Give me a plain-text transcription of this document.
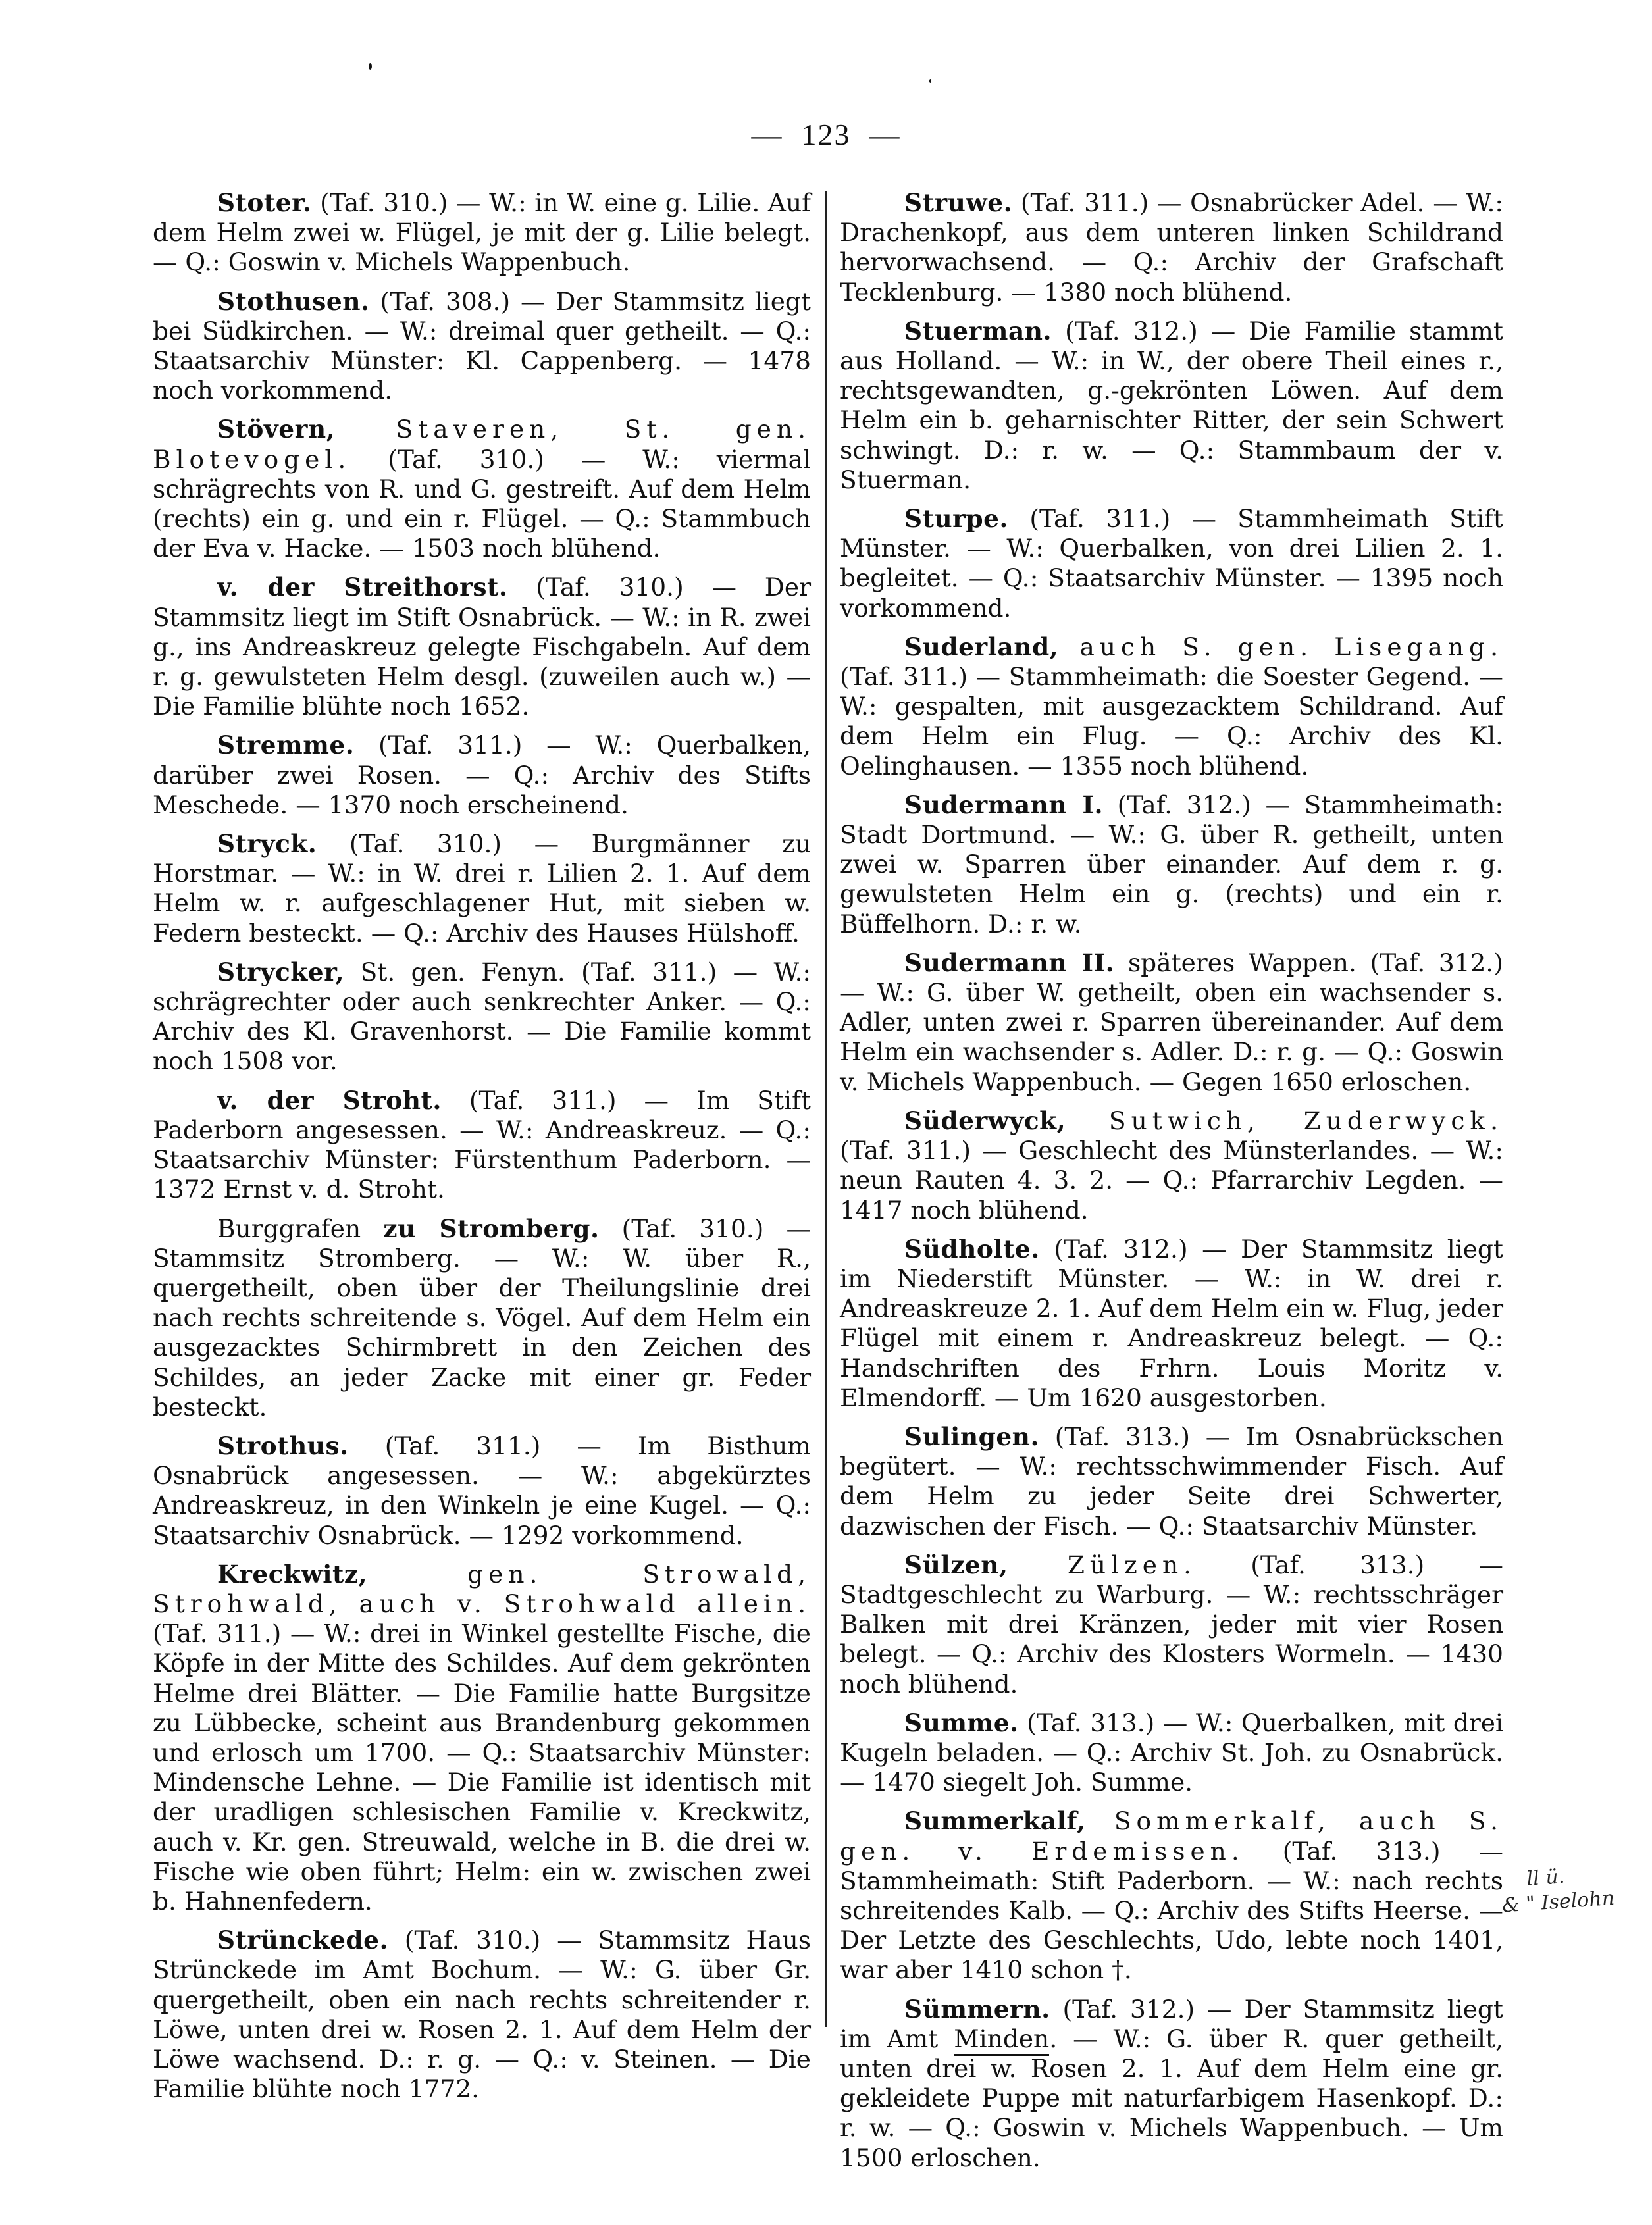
— 123 —

Stoter. (Taf. 310.) — W.: in W. eine g. Lilie. Auf dem Helm zwei w. Flügel, je mit der g. Lilie belegt. — Q.: Goswin v. Michels Wappenbuch.

Stothusen. (Taf. 308.) — Der Stammsitz liegt bei Südkirchen. — W.: dreimal quer getheilt. — Q.: Staatsarchiv Münster: Kl. Cappenberg. — 1478 noch vorkommend.

Stövern, Staveren, St. gen. Blotevogel. (Taf. 310.) — W.: viermal schrägrechts von R. und G. gestreift. Auf dem Helm (rechts) ein g. und ein r. Flügel. — Q.: Stammbuch der Eva v. Hacke. — 1503 noch blühend.

v. der Streithorst. (Taf. 310.) — Der Stammsitz liegt im Stift Osnabrück. — W.: in R. zwei g., ins Andreaskreuz gelegte Fischgabeln. Auf dem r. g. gewulsteten Helm desgl. (zuweilen auch w.) — Die Familie blühte noch 1652.

Stremme. (Taf. 311.) — W.: Querbalken, darüber zwei Rosen. — Q.: Archiv des Stifts Meschede. — 1370 noch erscheinend.

Stryck. (Taf. 310.) — Burgmänner zu Horstmar. — W.: in W. drei r. Lilien 2. 1. Auf dem Helm w. r. aufgeschlagener Hut, mit sieben w. Federn besteckt. — Q.: Archiv des Hauses Hülshoff.

Strycker, St. gen. Fenyn. (Taf. 311.) — W.: schrägrechter oder auch senkrechter Anker. — Q.: Archiv des Kl. Gravenhorst. — Die Familie kommt noch 1508 vor.

v. der Stroht. (Taf. 311.) — Im Stift Paderborn angesessen. — W.: Andreaskreuz. — Q.: Staatsarchiv Münster: Fürstenthum Paderborn. — 1372 Ernst v. d. Stroht.

Burggrafen zu Stromberg. (Taf. 310.) — Stammsitz Stromberg. — W.: W. über R., quergetheilt, oben über der Theilungslinie drei nach rechts schreitende s. Vögel. Auf dem Helm ein ausgezacktes Schirmbrett in den Zeichen des Schildes, an jeder Zacke mit einer gr. Feder besteckt.

Strothus. (Taf. 311.) — Im Bisthum Osnabrück angesessen. — W.: abgekürztes Andreaskreuz, in den Winkeln je eine Kugel. — Q.: Staatsarchiv Osnabrück. — 1292 vorkommend.

Kreckwitz, gen. Strowald, Strohwald, auch v. Strohwald allein. (Taf. 311.) — W.: drei in Winkel gestellte Fische, die Köpfe in der Mitte des Schildes. Auf dem gekrönten Helme drei Blätter. — Die Familie hatte Burgsitze zu Lübbecke, scheint aus Brandenburg gekommen und erlosch um 1700. — Q.: Staatsarchiv Münster: Mindensche Lehne. — Die Familie ist identisch mit der uradligen schlesischen Familie v. Kreckwitz, auch v. Kr. gen. Streuwald, welche in B. die drei w. Fische wie oben führt; Helm: ein w. zwischen zwei b. Hahnenfedern.

Strünckede. (Taf. 310.) — Stammsitz Haus Strünckede im Amt Bochum. — W.: G. über Gr. quergetheilt, oben ein nach rechts schreitender r. Löwe, unten drei w. Rosen 2. 1. Auf dem Helm der Löwe wachsend. D.: r. g. — Q.: v. Steinen. — Die Familie blühte noch 1772.

Struwe. (Taf. 311.) — Osnabrücker Adel. — W.: Drachenkopf, aus dem unteren linken Schildrand hervorwachsend. — Q.: Archiv der Grafschaft Tecklenburg. — 1380 noch blühend.

Stuerman. (Taf. 312.) — Die Familie stammt aus Holland. — W.: in W., der obere Theil eines r., rechtsgewandten, g.-gekrönten Löwen. Auf dem Helm ein b. geharnischter Ritter, der sein Schwert schwingt. D.: r. w. — Q.: Stammbaum der v. Stuerman.

Sturpe. (Taf. 311.) — Stammheimath Stift Münster. — W.: Querbalken, von drei Lilien 2. 1. begleitet. — Q.: Staatsarchiv Münster. — 1395 noch vorkommend.

Suderland, auch S. gen. Lisegang. (Taf. 311.) — Stammheimath: die Soester Gegend. — W.: gespalten, mit ausgezacktem Schildrand. Auf dem Helm ein Flug. — Q.: Archiv des Kl. Oelinghausen. — 1355 noch blühend.

Sudermann I. (Taf. 312.) — Stammheimath: Stadt Dortmund. — W.: G. über R. getheilt, unten zwei w. Sparren über einander. Auf dem r. g. gewulsteten Helm ein g. (rechts) und ein r. Büffelhorn. D.: r. w.

Sudermann II. späteres Wappen. (Taf. 312.) — W.: G. über W. getheilt, oben ein wachsender s. Adler, unten zwei r. Sparren übereinander. Auf dem Helm ein wachsender s. Adler. D.: r. g. — Q.: Goswin v. Michels Wappenbuch. — Gegen 1650 erloschen.

Süderwyck, Sutwich, Zuderwyck. (Taf. 311.) — Geschlecht des Münsterlandes. — W.: neun Rauten 4. 3. 2. — Q.: Pfarrarchiv Legden. — 1417 noch blühend.

Südholte. (Taf. 312.) — Der Stammsitz liegt im Niederstift Münster. — W.: in W. drei r. Andreaskreuze 2. 1. Auf dem Helm ein w. Flug, jeder Flügel mit einem r. Andreaskreuz belegt. — Q.: Handschriften des Frhrn. Louis Moritz v. Elmendorff. — Um 1620 ausgestorben.

Sulingen. (Taf. 313.) — Im Osnabrückschen begütert. — W.: rechtsschwimmender Fisch. Auf dem Helm zu jeder Seite drei Schwerter, dazwischen der Fisch. — Q.: Staatsarchiv Münster.

Sülzen, Zülzen. (Taf. 313.) — Stadtgeschlecht zu Warburg. — W.: rechtsschräger Balken mit drei Kränzen, jeder mit vier Rosen belegt. — Q.: Archiv des Klosters Wormeln. — 1430 noch blühend.

Summe. (Taf. 313.) — W.: Querbalken, mit drei Kugeln beladen. — Q.: Archiv St. Joh. zu Osnabrück. — 1470 siegelt Joh. Summe.

Summerkalf, Sommerkalf, auch S. gen. v. Erdemissen. (Taf. 313.) — Stammheimath: Stift Paderborn. — W.: nach rechts schreitendes Kalb. — Q.: Archiv des Stifts Heerse. — Der Letzte des Geschlechts, Udo, lebte noch 1401, war aber 1410 schon †.

Sümmern. (Taf. 312.) — Der Stammsitz liegt im Amt Minden. — W.: G. über R. quer getheilt, unten drei w. Rosen 2. 1. Auf dem Helm eine gr. gekleidete Puppe mit naturfarbigem Hasenkopf. D.: r. w. — Q.: Goswin v. Michels Wappenbuch. — Um 1500 erloschen.

ll ü.
& " Iselohn
